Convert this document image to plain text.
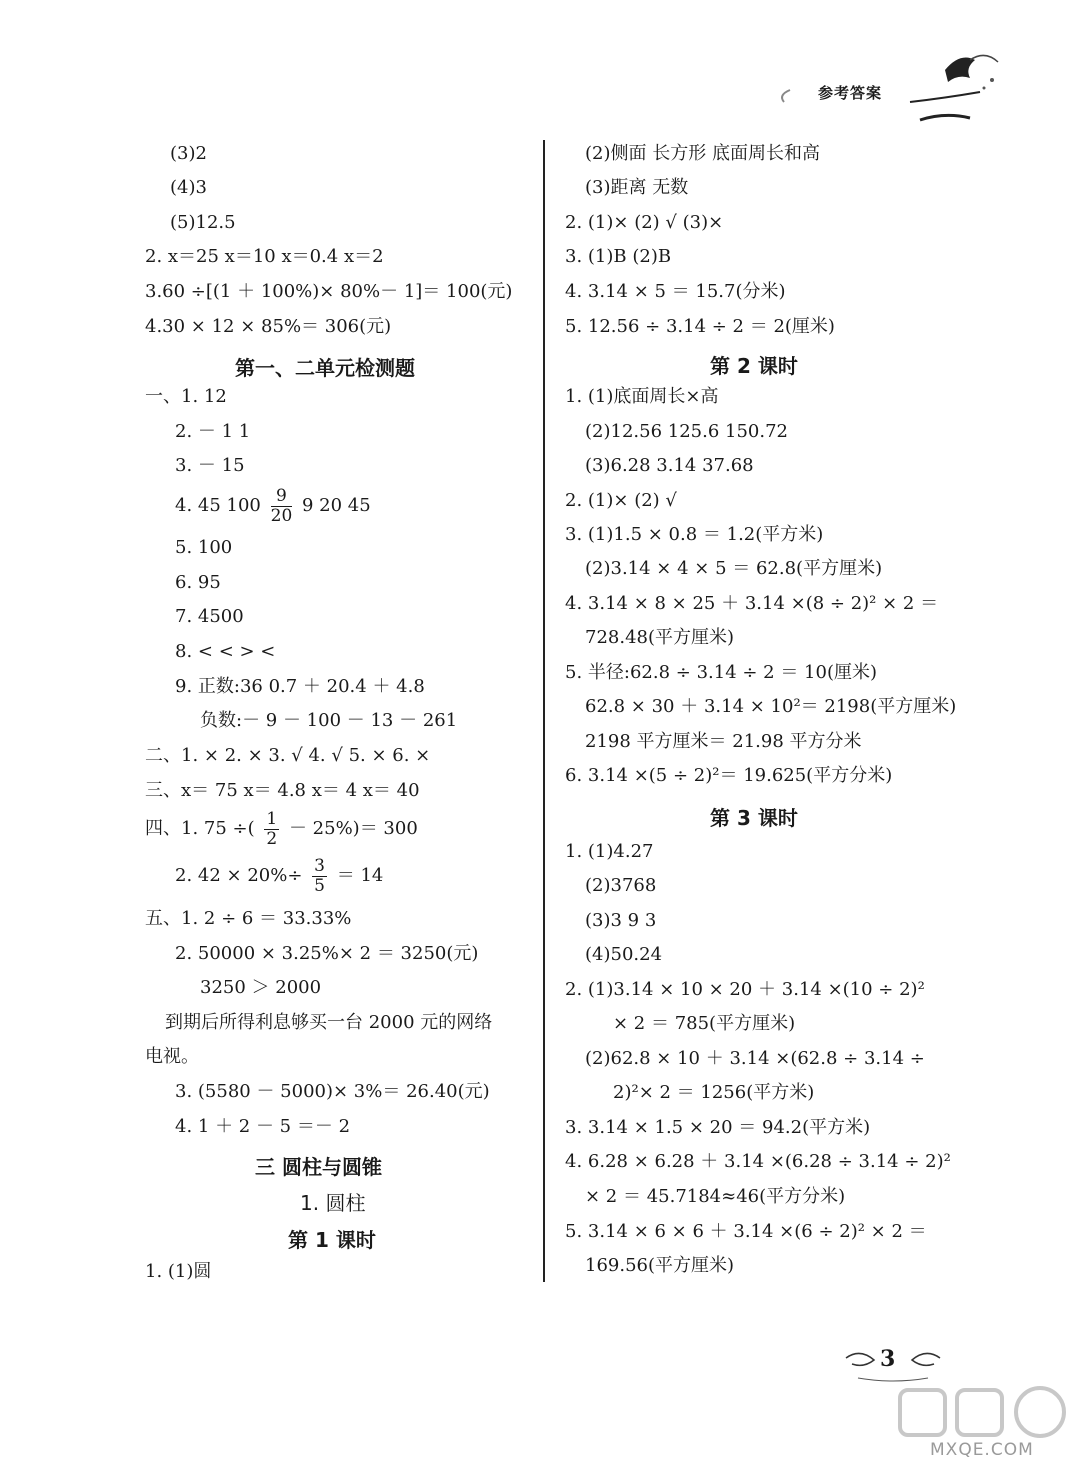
参考答案
(3)2
(4)3
(5)12.5
2. x＝25 x＝10 x＝0.4 x＝2
3.60 ÷[(1 ＋ 100%)× 80%－ 1]＝ 100(元)
4.30 × 12 × 85%＝ 306(元)
第一、二单元检测题
一、1. 12
2. － 1 1
3. － 15
4. 45 $100 \frac{9}{20} 9$ 20 45
5. 100
6. 95
7. 4500
8. < < > <
9. 正数:36 0.7 ＋ 20.4 ＋ 4.8
负数:－ 9 － 100 － 13 － 261
二、1. × 2. × 3. √ 4. √ 5. × 6. ×
三、x＝ 75 x＝ 4.8 x＝ 4 x＝ 40
四、1. 75 ÷( $\frac{1}{2} - 25\%)= 300$
2. $42 \times 20\%\div \frac{3}{5} = 14$
五、1. 2 ÷ 6 ＝ 33.33%
2. 50000 × 3.25%× 2 ＝ 3250(元)
3250 ＞ 2000
到期后所得利息够买一台 2000 元的网络
电视。
3. (5580 － 5000)× 3%＝ 26.40(元)
4. 1 ＋ 2 － 5 ＝－ 2
三 圆柱与圆锥
1. 圆柱
第 1 课时
1. (1)圆
(2)侧面 长方形 底面周长和高
(3)距离 无数
2. (1)× (2) √ (3)×
3. (1)B (2)B
4. 3.14 × 5 ＝ 15.7(分米)
5. 12.56 ÷ 3.14 ÷ 2 ＝ 2(厘米)
第 2 课时
1. (1)底面周长×高
(2)12.56 125.6 150.72
(3)6.28 3.14 37.68
2. (1)× (2) √
3. (1)1.5 × 0.8 ＝ 1.2(平方米)
(2)3.14 × 4 × 5 ＝ 62.8(平方厘米)
4. 3.14 × 8 × 25 ＋ 3.14 ×(8 ÷ 2)² × 2 ＝
728.48(平方厘米)
5. 半径:62.8 ÷ 3.14 ÷ 2 ＝ 10(厘米)
62.8 × 30 ＋ 3.14 × 10²＝ 2198(平方厘米)
2198 平方厘米＝ 21.98 平方分米
6. 3.14 ×(5 ÷ 2)²＝ 19.625(平方分米)
第 3 课时
1. (1)4.27
(2)3768
(3)3 9 3
(4)50.24
2. (1)3.14 × 10 × 20 ＋ 3.14 ×(10 ÷ 2)²
× 2 ＝ 785(平方厘米)
(2)62.8 × 10 ＋ 3.14 ×(62.8 ÷ 3.14 ÷
2)²× 2 ＝ 1256(平方米)
3. 3.14 × 1.5 × 20 ＝ 94.2(平方米)
4. 6.28 × 6.28 ＋ 3.14 ×(6.28 ÷ 3.14 ÷ 2)²
× 2 ＝ 45.7184≈46(平方分米)
5. 3.14 × 6 × 6 ＋ 3.14 ×(6 ÷ 2)² × 2 ＝
169.56(平方厘米)
3
MXQE.COM
